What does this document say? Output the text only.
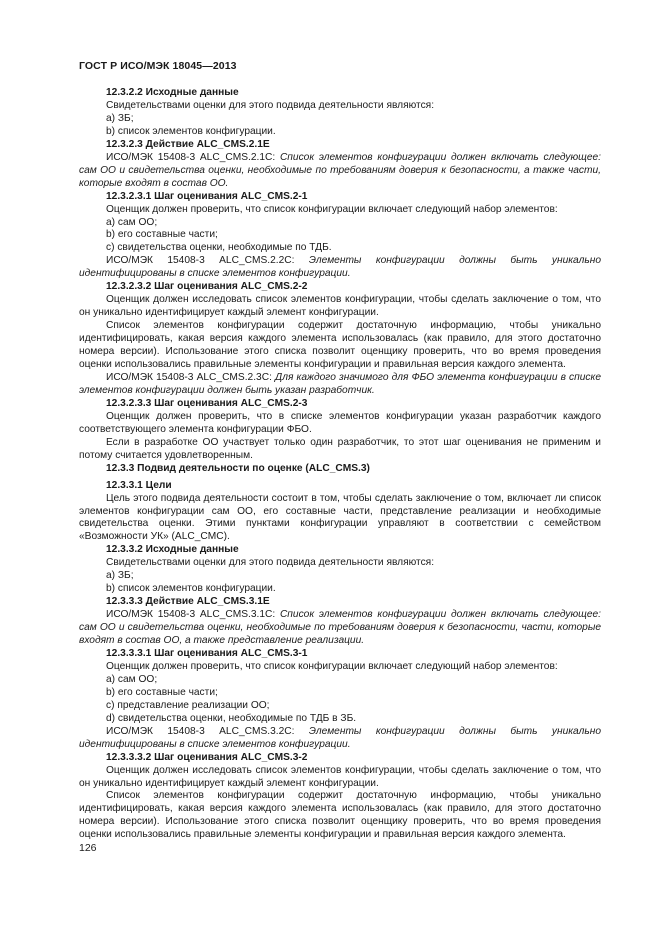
ГОСТ Р ИСО/МЭК 18045—2013

12.3.2.2 Исходные данные

Свидетельствами оценки для этого подвида деятельности являются:

a) ЗБ;

b) список элементов конфигурации.

12.3.2.3 Действие ALC_CMS.2.1E

ИСО/МЭК 15408-3 ALC_CMS.2.1C: Список элементов конфигурации должен включать следующее: сам ОО и свидетельства оценки, необходимые по требованиям доверия к безопасности, а также части, которые входят в состав ОО.

12.3.2.3.1 Шаг оценивания ALC_CMS.2-1

Оценщик должен проверить, что список конфигурации включает следующий набор элементов:

a) сам ОО;

b) его составные части;

c) свидетельства оценки, необходимые по ТДБ.

ИСО/МЭК 15408-3 ALC_CMS.2.2C: Элементы конфигурации должны быть уникально идентифицированы в списке элементов конфигурации.

12.3.2.3.2 Шаг оценивания ALC_CMS.2-2

Оценщик должен исследовать список элементов конфигурации, чтобы сделать заключение о том, что он уникально идентифицирует каждый элемент конфигурации.

Список элементов конфигурации содержит достаточную информацию, чтобы уникально идентифицировать, какая версия каждого элемента использовалась (как правило, для этого достаточно номера версии). Использование этого списка позволит оценщику проверить, что во время проведения оценки использовались правильные элементы конфигурации и правильная версия каждого элемента.

ИСО/МЭК 15408-3 ALC_CMS.2.3C: Для каждого значимого для ФБО элемента конфигурации в списке элементов конфигурации должен быть указан разработчик.

12.3.2.3.3 Шаг оценивания ALC_CMS.2-3

Оценщик должен проверить, что в списке элементов конфигурации указан разработчик каждого соответствующего элемента конфигурации ФБО.

Если в разработке ОО участвует только один разработчик, то этот шаг оценивания не применим и потому считается удовлетворенным.

12.3.3 Подвид деятельности по оценке (ALC_CMS.3)

12.3.3.1 Цели

Цель этого подвида деятельности состоит в том, чтобы сделать заключение о том, включает ли список элементов конфигурации сам ОО, его составные части, представление реализации и необходимые свидетельства оценки. Этими пунктами конфигурации управляют в соответствии с семейством «Возможности УК» (ALC_CMC).

12.3.3.2 Исходные данные

Свидетельствами оценки для этого подвида деятельности являются:

a) ЗБ;

b) список элементов конфигурации.

12.3.3.3 Действие ALC_CMS.3.1E

ИСО/МЭК 15408-3 ALC_CMS.3.1C: Список элементов конфигурации должен включать следующее: сам ОО и свидетельства оценки, необходимые по требованиям доверия к безопасности, части, которые входят в состав ОО, а также представление реализации.

12.3.3.3.1 Шаг оценивания ALC_CMS.3-1

Оценщик должен проверить, что список конфигурации включает следующий набор элементов:

a) сам ОО;

b) его составные части;

c) представление реализации ОО;

d) свидетельства оценки, необходимые по ТДБ в ЗБ.

ИСО/МЭК 15408-3 ALC_CMS.3.2C: Элементы конфигурации должны быть уникально идентифицированы в списке элементов конфигурации.

12.3.3.3.2 Шаг оценивания ALC_CMS.3-2

Оценщик должен исследовать список элементов конфигурации, чтобы сделать заключение о том, что он уникально идентифицирует каждый элемент конфигурации.

Список элементов конфигурации содержит достаточную информацию, чтобы уникально идентифицировать, какая версия каждого элемента использовалась (как правило, для этого достаточно номера версии). Использование этого списка позволит оценщику проверить, что во время проведения оценки использовались правильные элементы конфигурации и правильная версия каждого элемента.

126
